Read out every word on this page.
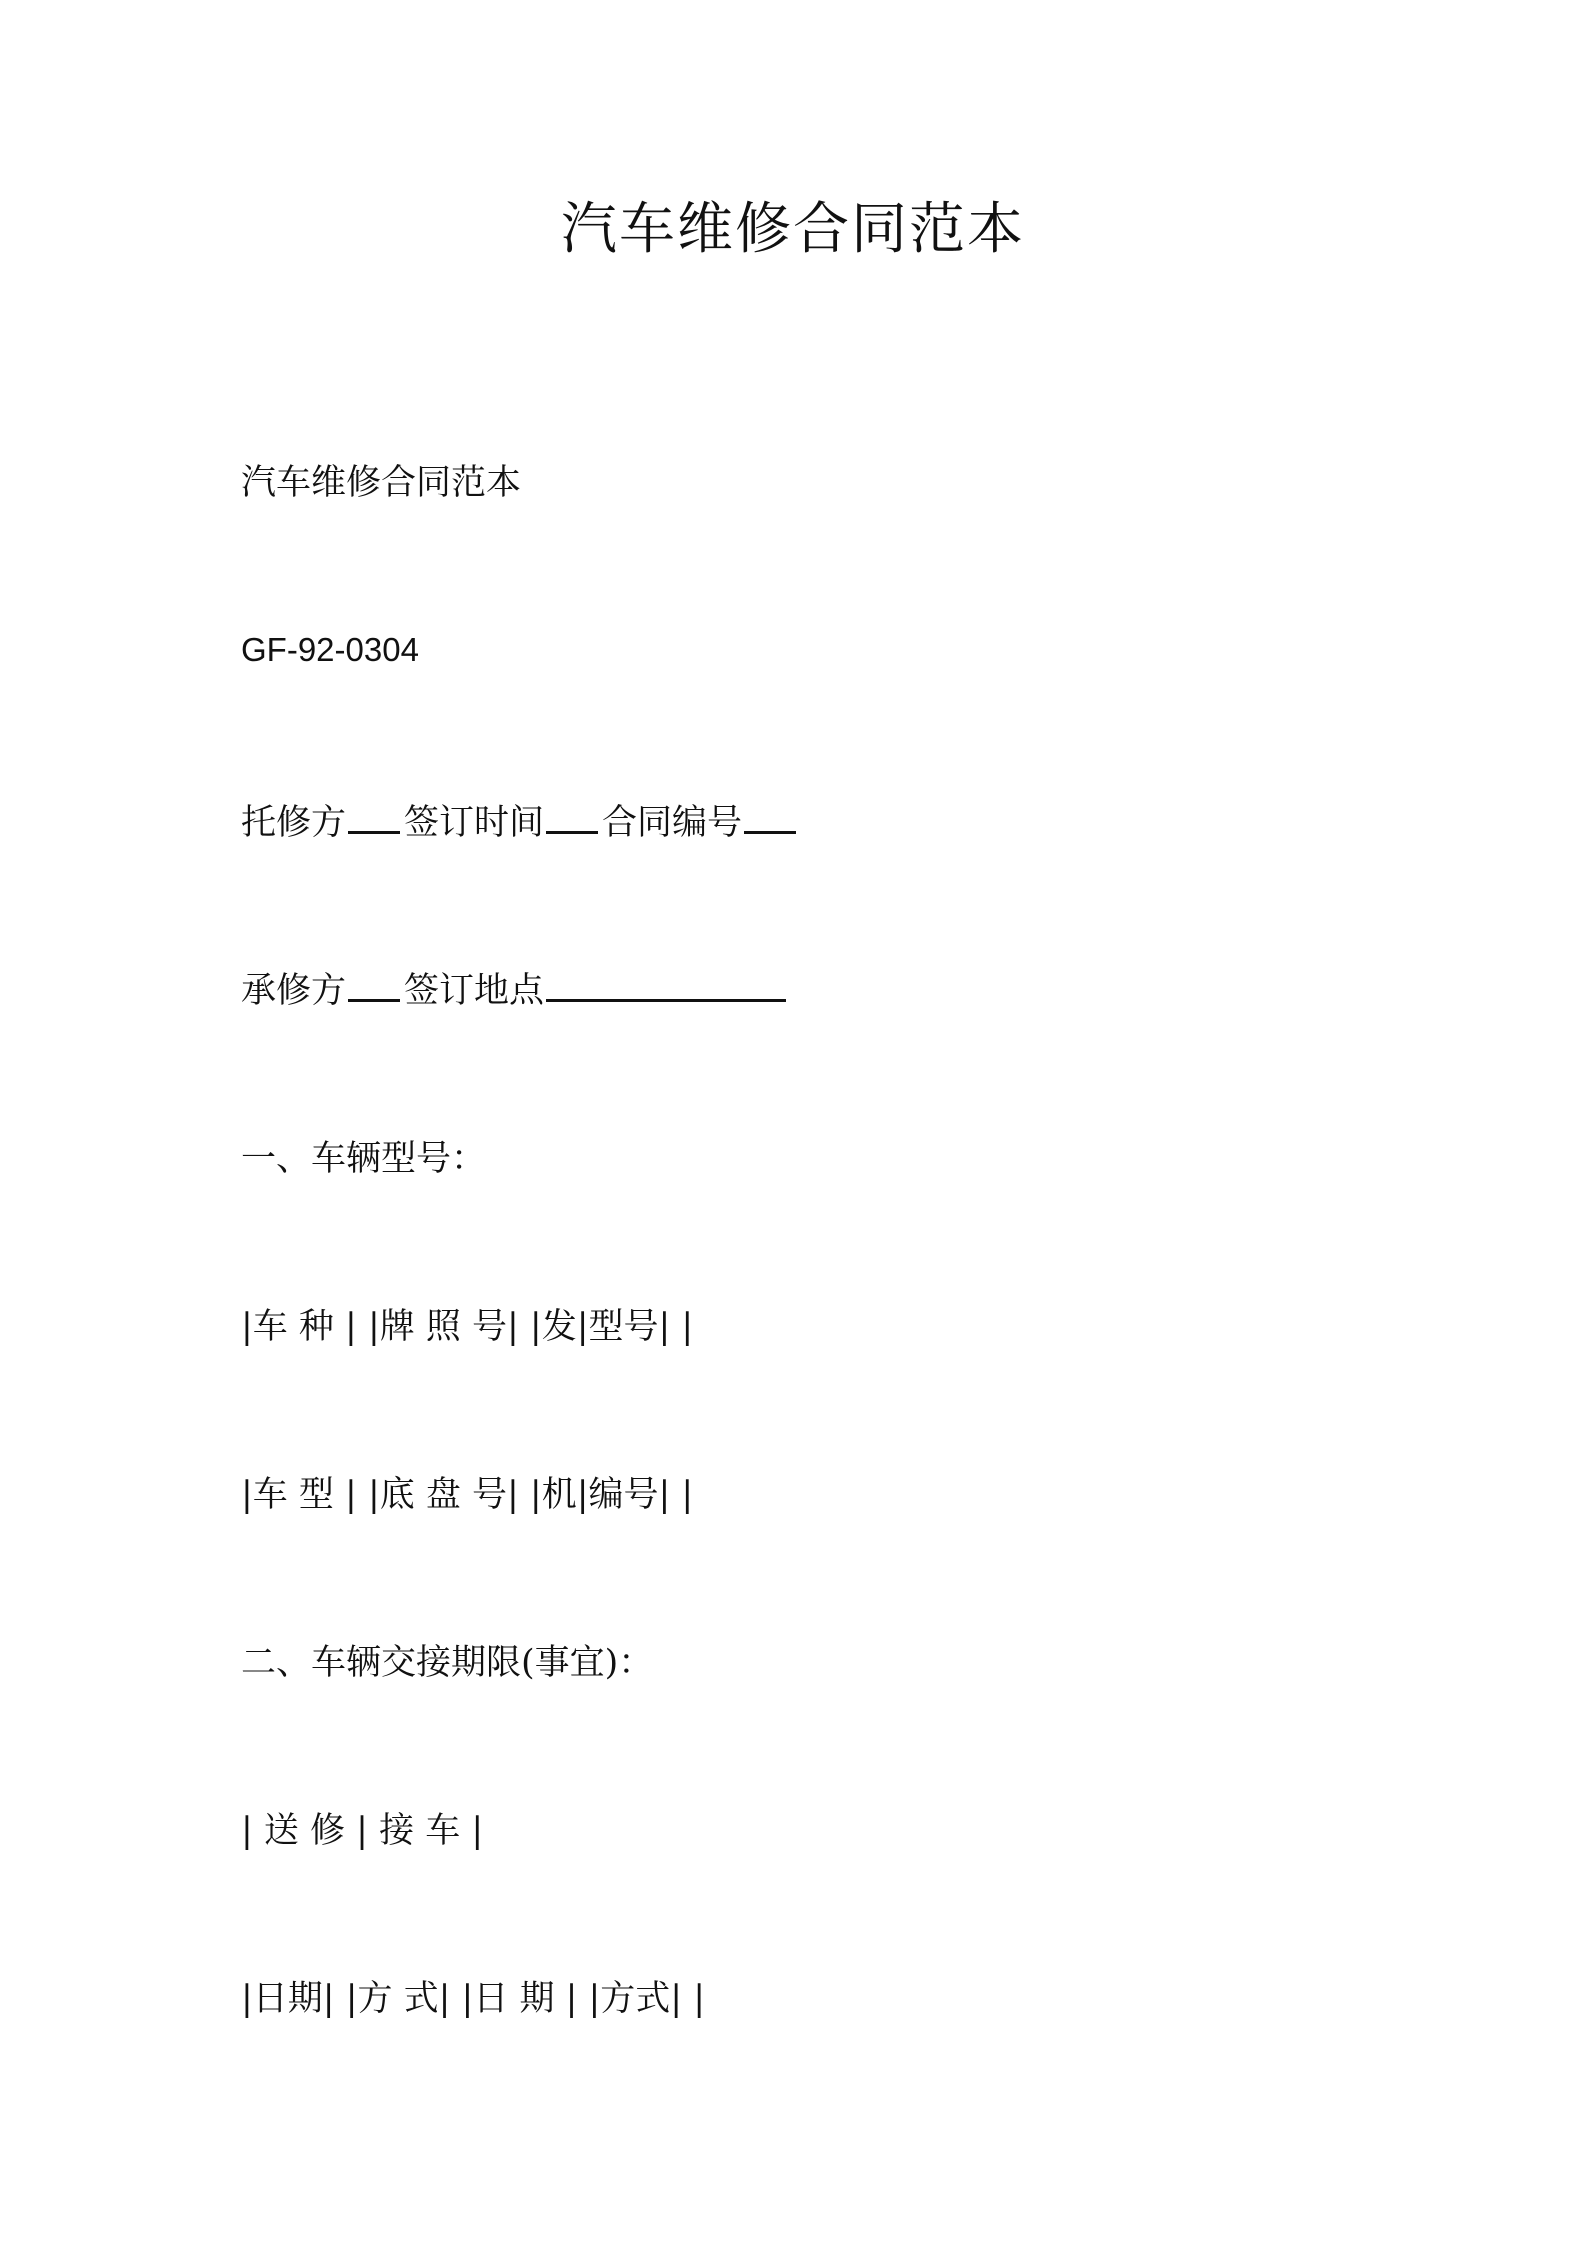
汽车维修合同范本
汽车维修合同范本
GF-92-0304
托修方 签订时间 合同编号
承修方 签订地点
一、车辆型号：
|车 种 | |牌 照 号| |发|型号| |
|车 型 | |底 盘 号| |机|编号| |
二、车辆交接期限(事宜)：
| 送 修 | 接 车 |
|日期| |方 式| |日 期 | |方式| |
